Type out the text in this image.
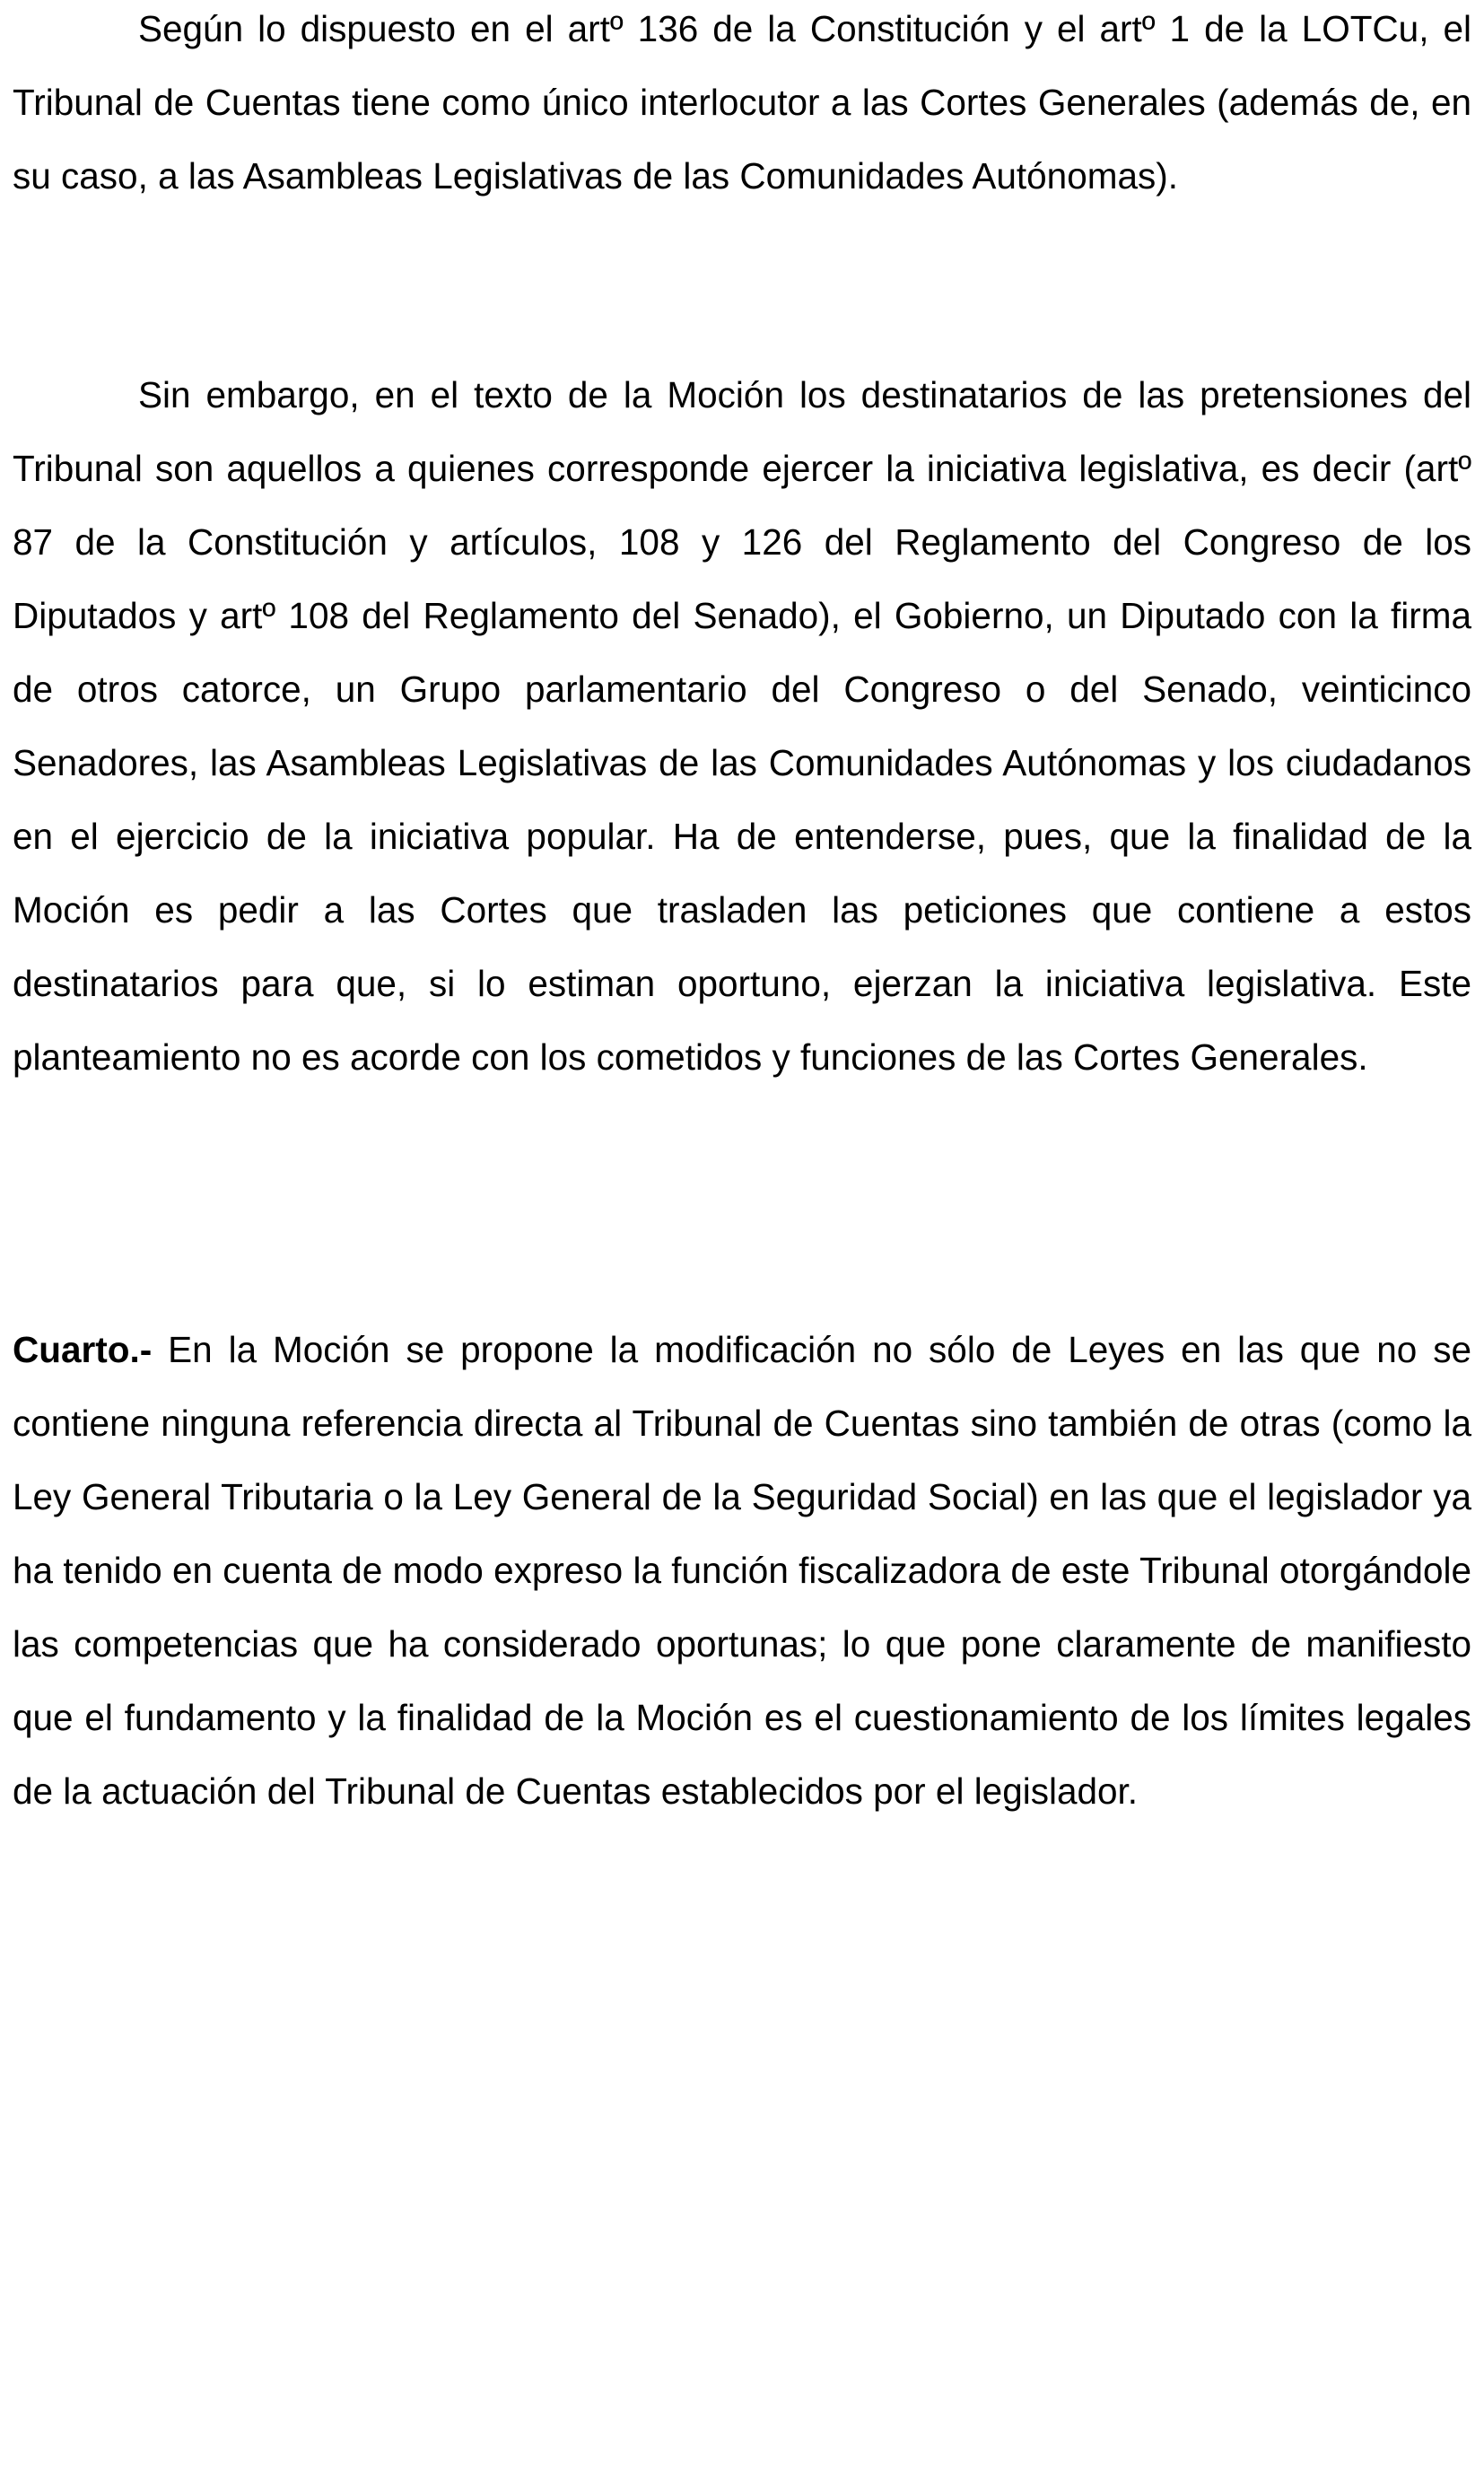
Según lo dispuesto en el artº 136 de la Constitución y el artº 1 de la LOTCu, el Tribunal de Cuentas tiene como único interlocutor a las Cortes Generales (además de, en su caso, a las Asambleas Legislativas de las Comunidades Autónomas).

Sin embargo, en el texto de la Moción los destinatarios de las pretensiones del Tribunal son aquellos a quienes corresponde ejercer la iniciativa legislativa, es decir (artº 87 de la Constitución y artículos, 108 y 126 del Reglamento del Congreso de los Diputados y artº 108 del Reglamento del Senado), el Gobierno, un Diputado con la firma de otros catorce, un Grupo parlamentario del Congreso o del Senado, veinticinco Senadores, las Asambleas Legislativas de las Comunidades Autónomas y los ciudadanos en el ejercicio de la iniciativa popular. Ha de entenderse, pues, que la finalidad de la Moción es pedir a las Cortes que trasladen las peticiones que contiene a estos destinatarios para que, si lo estiman oportuno, ejerzan la iniciativa legislativa. Este planteamiento no es acorde con los cometidos y funciones de las Cortes Generales.

Cuarto.- En la Moción se propone la modificación no sólo de Leyes en las que no se contiene ninguna referencia directa al Tribunal de Cuentas sino también de otras (como la Ley General Tributaria o la Ley General de la Seguridad Social) en las que el legislador ya ha tenido en cuenta de modo expreso la función fiscalizadora de este Tribunal otorgándole las competencias que ha considerado oportunas; lo que pone claramente de manifiesto que el fundamento y la finalidad de la Moción es el cuestionamiento de los límites legales de la actuación del Tribunal de Cuentas establecidos por el legislador.
